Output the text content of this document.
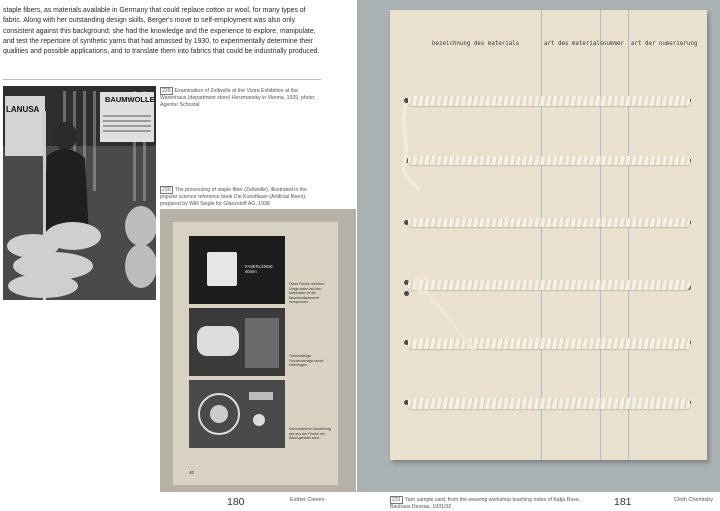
staple fibers, as materials available in Germany that could replace cotton or wool, for many types of fabric. Along with her outstanding design skills, Berger's move to self-employment was also only consistent against this background: she had the knowledge and the experience to explore, manipulate, and test the repertoire of synthetic yarns that had amassed by 1930, to experimentally determine their qualities and possible applications, and to translate them into fabrics that could be industrially produced.
LANUSA
BAUMWOLLE
229 Examination of Zellwolle at the Vistra Exhibition at the Warenhaus (department store) Herzmansky in Vienna, 1939, photo: Agentur Schostal
230 The processing of staple fiber (Zellwolle), illustrated in the popular science reference book Die Kunstfaser (Artificial fibers), prepared by Willi Seigle for Glanzstoff AG, 1938
FASERLÄNGE 40mm
Diese Flocke mit ihren Umge-webe auf den Maschinen in die Baumwollspinnerei versponnen.
Gleichmäßige Flockenverlage durch Übertragen.
Schematische Darstellung wie aus der Flocke ein Band gebildet wird.
40
bezeichnung des materials	art des materials nummer art der numerierung
180	Esther Cleven	231 Yarn sample card, from the weaving workshop teaching notes of Katja Rose, Bauhaus Dessau, 1931/32	181	Cloth Chemistry
